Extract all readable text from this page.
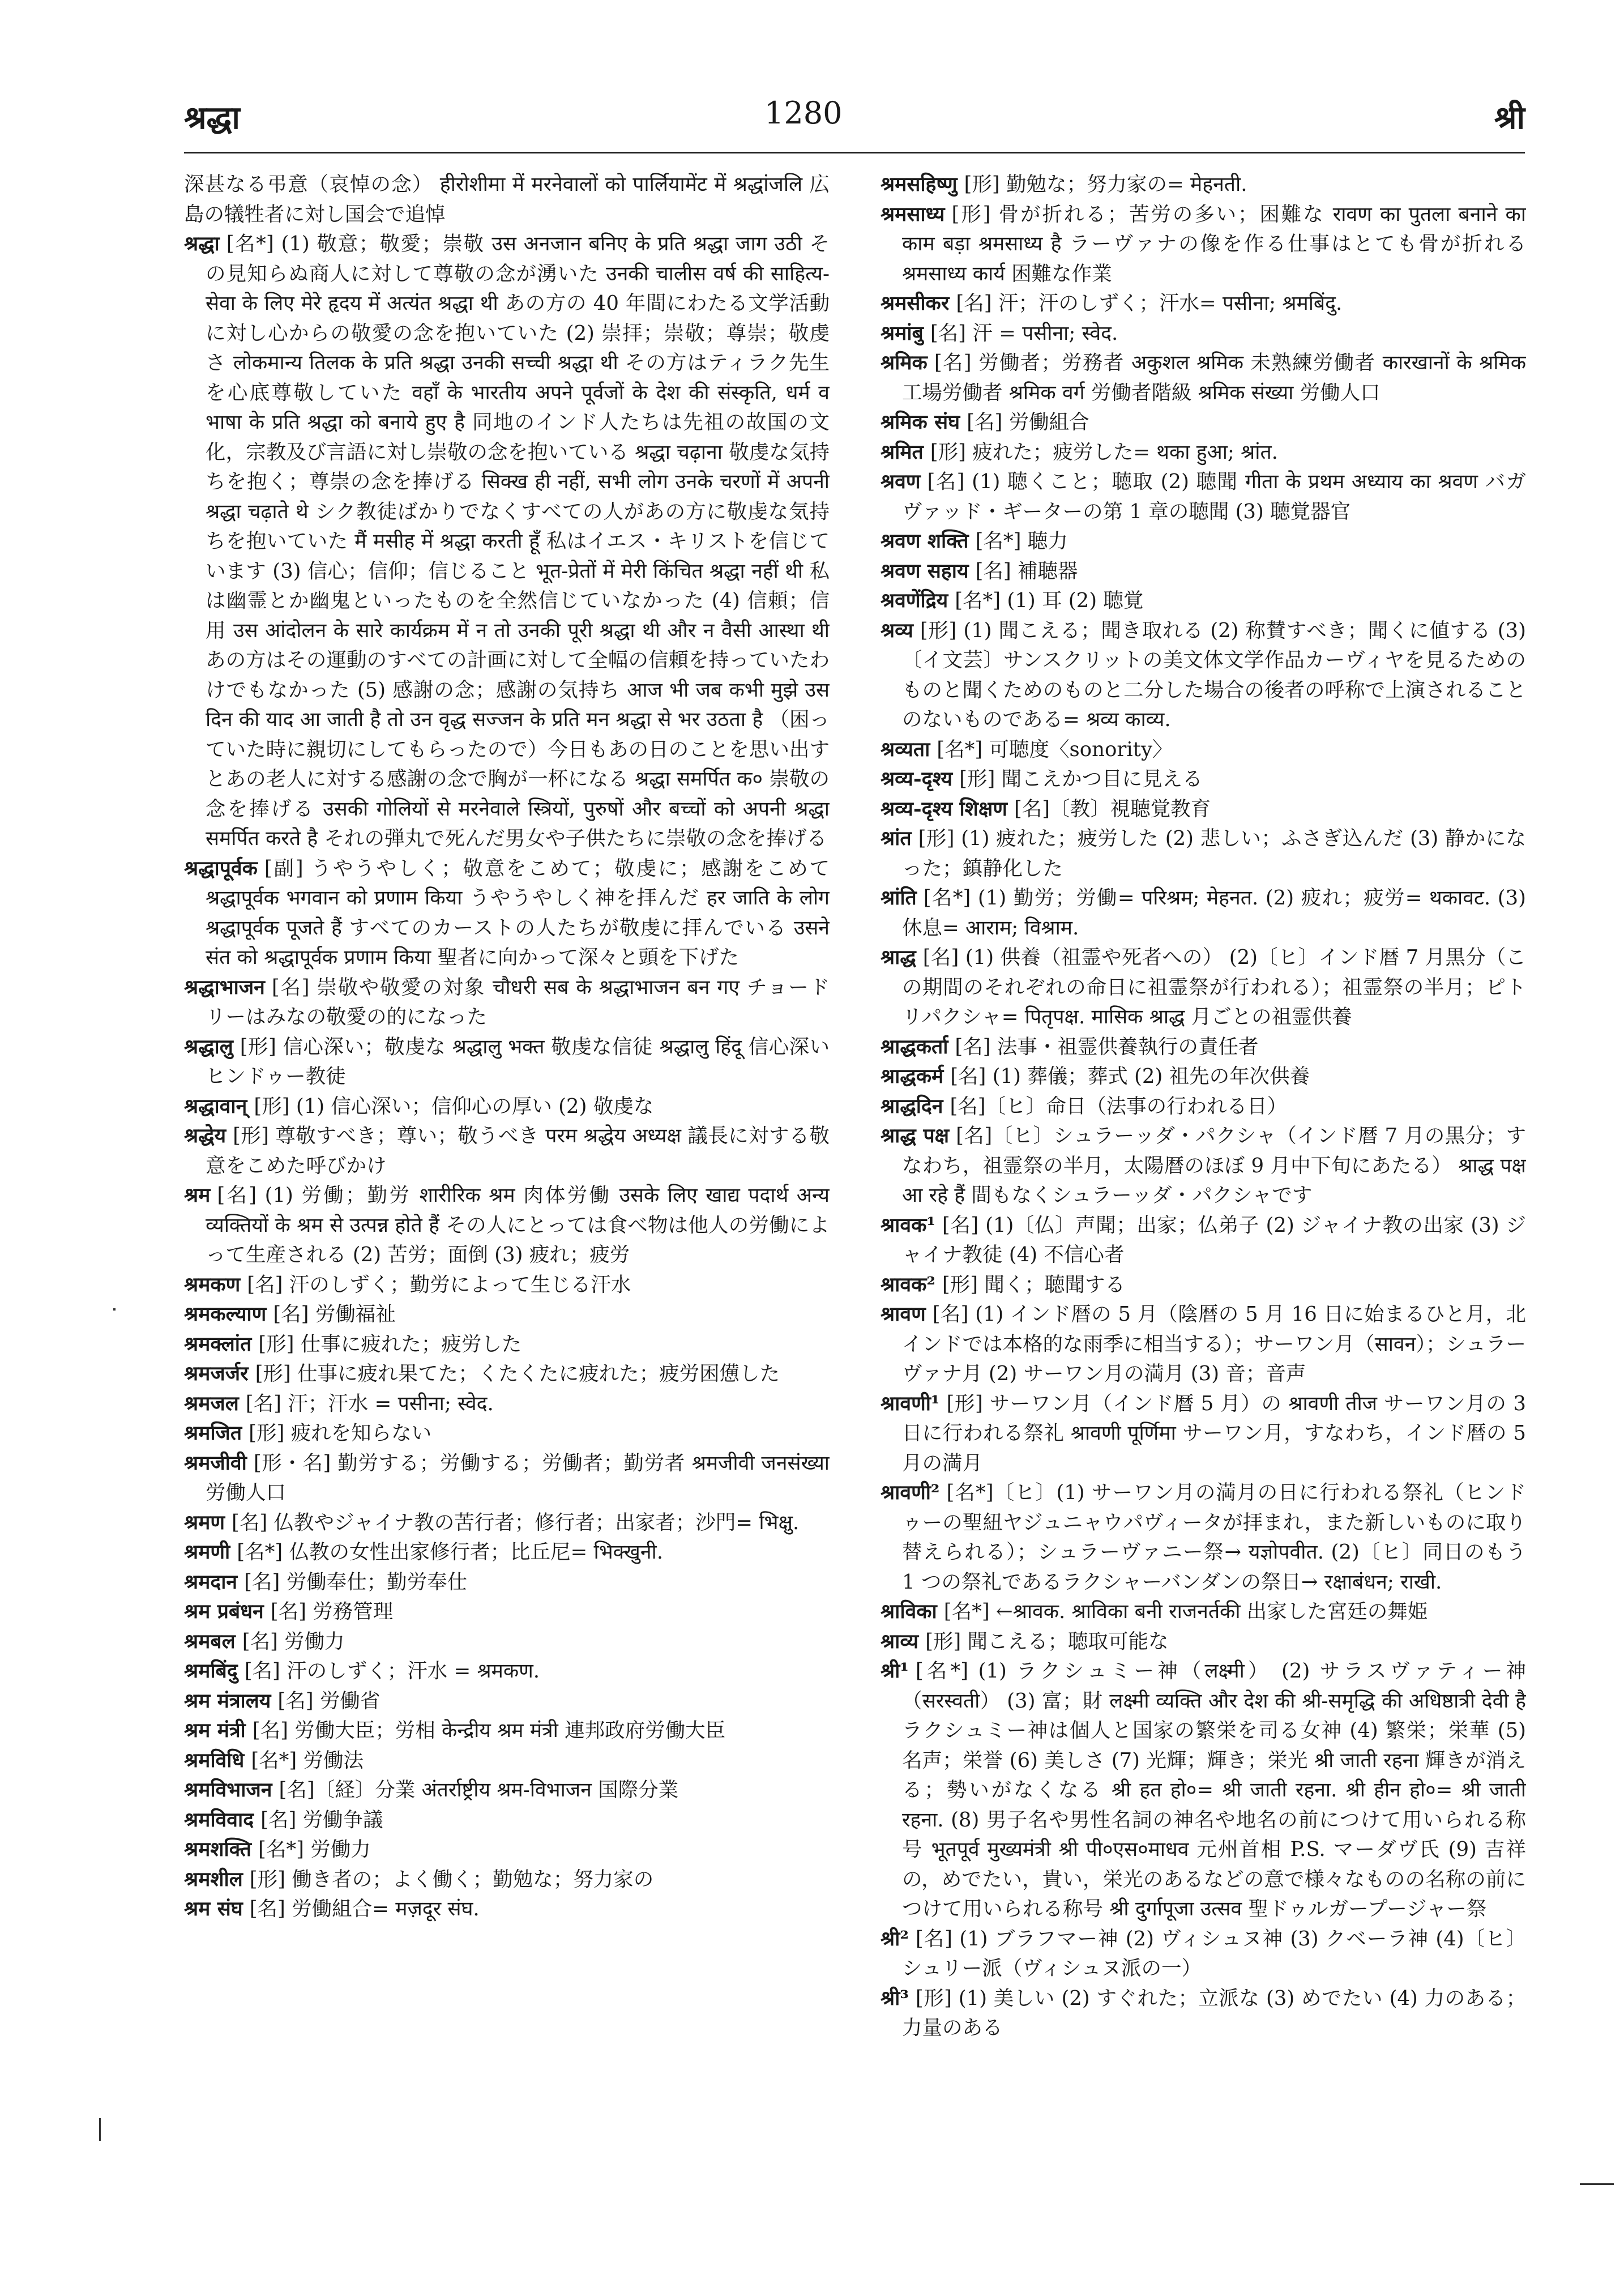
श्रद्धा	1280	श्री

深甚なる弔意（哀悼の念） हीरोशीमा में मरनेवालों को पार्लियामेंट में श्रद्धांजलि 広島の犠牲者に対し国会で追悼

श्रद्धा [名*] (1) 敬意；敬愛；崇敬 उस अनजान बनिए के प्रति श्रद्धा जाग उठी その見知らぬ商人に対して尊敬の念が湧いた उनकी चालीस वर्ष की साहित्य-सेवा के लिए मेरे हृदय में अत्यंत श्रद्धा थी あの方の 40 年間にわたる文学活動に対し心からの敬愛の念を抱いていた (2) 崇拝；崇敬；尊崇；敬虔さ लोकमान्य तिलक के प्रति श्रद्धा उनकी सच्ची श्रद्धा थी その方はティラク先生を心底尊敬していた वहाँ के भारतीय अपने पूर्वजों के देश की संस्कृति, धर्म व भाषा के प्रति श्रद्धा को बनाये हुए है 同地のインド人たちは先祖の故国の文化，宗教及び言語に対し崇敬の念を抱いている श्रद्धा चढ़ाना 敬虔な気持ちを抱く；尊崇の念を捧げる सिक्ख ही नहीं, सभी लोग उनके चरणों में अपनी श्रद्धा चढ़ाते थे シク教徒ばかりでなくすべての人があの方に敬虔な気持ちを抱いていた मैं मसीह में श्रद्धा करती हूँ 私はイエス・キリストを信じています (3) 信心；信仰；信じること भूत-प्रेतों में मेरी किंचित श्रद्धा नहीं थी 私は幽霊とか幽鬼といったものを全然信じていなかった (4) 信頼；信用 उस आंदोलन के सारे कार्यक्रम में न तो उनकी पूरी श्रद्धा थी और न वैसी आस्था थी あの方はその運動のすべての計画に対して全幅の信頼を持っていたわけでもなかった (5) 感謝の念；感謝の気持ち आज भी जब कभी मुझे उस दिन की याद आ जाती है तो उन वृद्ध सज्जन के प्रति मन श्रद्धा से भर उठता है （困っていた時に親切にしてもらったので）今日もあの日のことを思い出すとあの老人に対する感謝の念で胸が一杯になる श्रद्धा समर्पित क० 崇敬の念を捧げる उसकी गोलियों से मरनेवाले स्त्रियों, पुरुषों और बच्चों को अपनी श्रद्धा समर्पित करते है それの弾丸で死んだ男女や子供たちに崇敬の念を捧げる

श्रद्धापूर्वक [副] うやうやしく；敬意をこめて；敬虔に；感謝をこめて श्रद्धापूर्वक भगवान को प्रणाम किया うやうやしく神を拝んだ हर जाति के लोग श्रद्धापूर्वक पूजते हैं すべてのカーストの人たちが敬虔に拝んでいる उसने संत को श्रद्धापूर्वक प्रणाम किया 聖者に向かって深々と頭を下げた

श्रद्धाभाजन [名] 崇敬や敬愛の対象 चौधरी सब के श्रद्धाभाजन बन गए チョードリーはみなの敬愛の的になった

श्रद्धालु [形] 信心深い；敬虔な श्रद्धालु भक्त 敬虔な信徒 श्रद्धालु हिंदू 信心深いヒンドゥー教徒

श्रद्धावान् [形] (1) 信心深い；信仰心の厚い (2) 敬虔な

श्रद्धेय [形] 尊敬すべき；尊い；敬うべき परम श्रद्धेय अध्यक्ष 議長に対する敬意をこめた呼びかけ

श्रम [名] (1) 労働；勤労 शारीरिक श्रम 肉体労働 उसके लिए खाद्य पदार्थ अन्य व्यक्तियों के श्रम से उत्पन्न होते हैं その人にとっては食べ物は他人の労働によって生産される (2) 苦労；面倒 (3) 疲れ；疲労

श्रमकण [名] 汗のしずく；勤労によって生じる汗水

श्रमकल्याण [名] 労働福祉

श्रमक्लांत [形] 仕事に疲れた；疲労した

श्रमजर्जर [形] 仕事に疲れ果てた；くたくたに疲れた；疲労困憊した

श्रमजल [名] 汗；汗水 = पसीना; स्वेद.

श्रमजित [形] 疲れを知らない

श्रमजीवी [形・名] 勤労する；労働する；労働者；勤労者 श्रमजीवी जनसंख्या 労働人口

श्रमण [名] 仏教やジャイナ教の苦行者；修行者；出家者；沙門= भिक्षु.

श्रमणी [名*] 仏教の女性出家修行者；比丘尼= भिक्खुनी.

श्रमदान [名] 労働奉仕；勤労奉仕

श्रम प्रबंधन [名] 労務管理

श्रमबल [名] 労働力

श्रमबिंदु [名] 汗のしずく；汗水 = श्रमकण.

श्रम मंत्रालय [名] 労働省

श्रम मंत्री [名] 労働大臣；労相 केन्द्रीय श्रम मंत्री 連邦政府労働大臣

श्रमविधि [名*] 労働法

श्रमविभाजन [名]〔経〕分業 अंतर्राष्ट्रीय श्रम-विभाजन 国際分業

श्रमविवाद [名] 労働争議

श्रमशक्ति [名*] 労働力

श्रमशील [形] 働き者の；よく働く；勤勉な；努力家の

श्रम संघ [名] 労働組合= मज़दूर संघ.

श्रमसहिष्णु [形] 勤勉な；努力家の= मेहनती.

श्रमसाध्य [形] 骨が折れる；苦労の多い；困難な रावण का पुतला बनाने का काम बड़ा श्रमसाध्य है ラーヴァナの像を作る仕事はとても骨が折れる श्रमसाध्य कार्य 困難な作業

श्रमसीकर [名] 汗；汗のしずく；汗水= पसीना; श्रमबिंदु.

श्रमांबु [名] 汗 = पसीना; स्वेद.

श्रमिक [名] 労働者；労務者 अकुशल श्रमिक 未熟練労働者 कारखानों के श्रमिक 工場労働者 श्रमिक वर्ग 労働者階級 श्रमिक संख्या 労働人口

श्रमिक संघ [名] 労働組合

श्रमित [形] 疲れた；疲労した= थका हुआ; श्रांत.

श्रवण [名] (1) 聴くこと；聴取 (2) 聴聞 गीता के प्रथम अध्याय का श्रवण バガヴァッド・ギーターの第 1 章の聴聞 (3) 聴覚器官

श्रवण शक्ति [名*] 聴力

श्रवण सहाय [名] 補聴器

श्रवणेंद्रिय [名*] (1) 耳 (2) 聴覚

श्रव्य [形] (1) 聞こえる；聞き取れる (2) 称賛すべき；聞くに値する (3)〔イ文芸〕サンスクリットの美文体文学作品カーヴィヤを見るためのものと聞くためのものと二分した場合の後者の呼称で上演されることのないものである= श्रव्य काव्य.

श्रव्यता [名*] 可聴度〈sonority〉

श्रव्य-दृश्य [形] 聞こえかつ目に見える

श्रव्य-दृश्य शिक्षण [名]〔教〕視聴覚教育

श्रांत [形] (1) 疲れた；疲労した (2) 悲しい；ふさぎ込んだ (3) 静かになった；鎮静化した

श्रांति [名*] (1) 勤労；労働= परिश्रम; मेहनत. (2) 疲れ；疲労= थकावट. (3) 休息= आराम; विश्राम.

श्राद्ध [名] (1) 供養（祖霊や死者への） (2)〔ヒ〕インド暦 7 月黒分（この期間のそれぞれの命日に祖霊祭が行われる）；祖霊祭の半月；ピトリパクシャ= पितृपक्ष. मासिक श्राद्ध 月ごとの祖霊供養

श्राद्धकर्ता [名] 法事・祖霊供養執行の責任者

श्राद्धकर्म [名] (1) 葬儀；葬式 (2) 祖先の年次供養

श्राद्धदिन [名]〔ヒ〕命日（法事の行われる日）

श्राद्ध पक्ष [名]〔ヒ〕シュラーッダ・パクシャ（インド暦 7 月の黒分；すなわち，祖霊祭の半月，太陽暦のほぼ 9 月中下旬にあたる） श्राद्ध पक्ष आ रहे हैं 間もなくシュラーッダ・パクシャです

श्रावक¹ [名] (1)〔仏〕声聞；出家；仏弟子 (2) ジャイナ教の出家 (3) ジャイナ教徒 (4) 不信心者

श्रावक² [形] 聞く；聴聞する

श्रावण [名] (1) インド暦の 5 月（陰暦の 5 月 16 日に始まるひと月，北インドでは本格的な雨季に相当する）；サーワン月（सावन）；シュラーヴァナ月 (2) サーワン月の満月 (3) 音；音声

श्रावणी¹ [形] サーワン月（インド暦 5 月）の श्रावणी तीज サーワン月の 3 日に行われる祭礼 श्रावणी पूर्णिमा サーワン月，すなわち，インド暦の 5 月の満月

श्रावणी² [名*]〔ヒ〕(1) サーワン月の満月の日に行われる祭礼（ヒンドゥーの聖紐ヤジュニャウパヴィータが拝まれ，また新しいものに取り替えられる）；シュラーヴァニー祭→ यज्ञोपवीत. (2)〔ヒ〕同日のもう 1 つの祭礼であるラクシャーバンダンの祭日→ रक्षाबंधन; राखी.

श्राविका [名*] ←श्रावक. श्राविका बनी राजनर्तकी 出家した宮廷の舞姫

श्राव्य [形] 聞こえる；聴取可能な

श्री¹ [名*] (1) ラクシュミー神（लक्ष्मी） (2) サラスヴァティー神（सरस्वती） (3) 富；財 लक्ष्मी व्यक्ति और देश की श्री-समृद्धि की अधिष्ठात्री देवी है ラクシュミー神は個人と国家の繁栄を司る女神 (4) 繁栄；栄華 (5) 名声；栄誉 (6) 美しさ (7) 光輝；輝き；栄光 श्री जाती रहना 輝きが消える；勢いがなくなる श्री हत हो०= श्री जाती रहना. श्री हीन हो०= श्री जाती रहना. (8) 男子名や男性名詞の神名や地名の前につけて用いられる称号 भूतपूर्व मुख्यमंत्री श्री पी०एस०माधव 元州首相 P.S. マーダヴ氏 (9) 吉祥の，めでたい，貴い，栄光のあるなどの意で様々なものの名称の前につけて用いられる称号 श्री दुर्गापूजा उत्सव 聖ドゥルガープージャー祭

श्री² [名] (1) ブラフマー神 (2) ヴィシュヌ神 (3) クベーラ神 (4)〔ヒ〕シュリー派（ヴィシュヌ派の一）

श्री³ [形] (1) 美しい (2) すぐれた；立派な (3) めでたい (4) 力のある；力量のある
